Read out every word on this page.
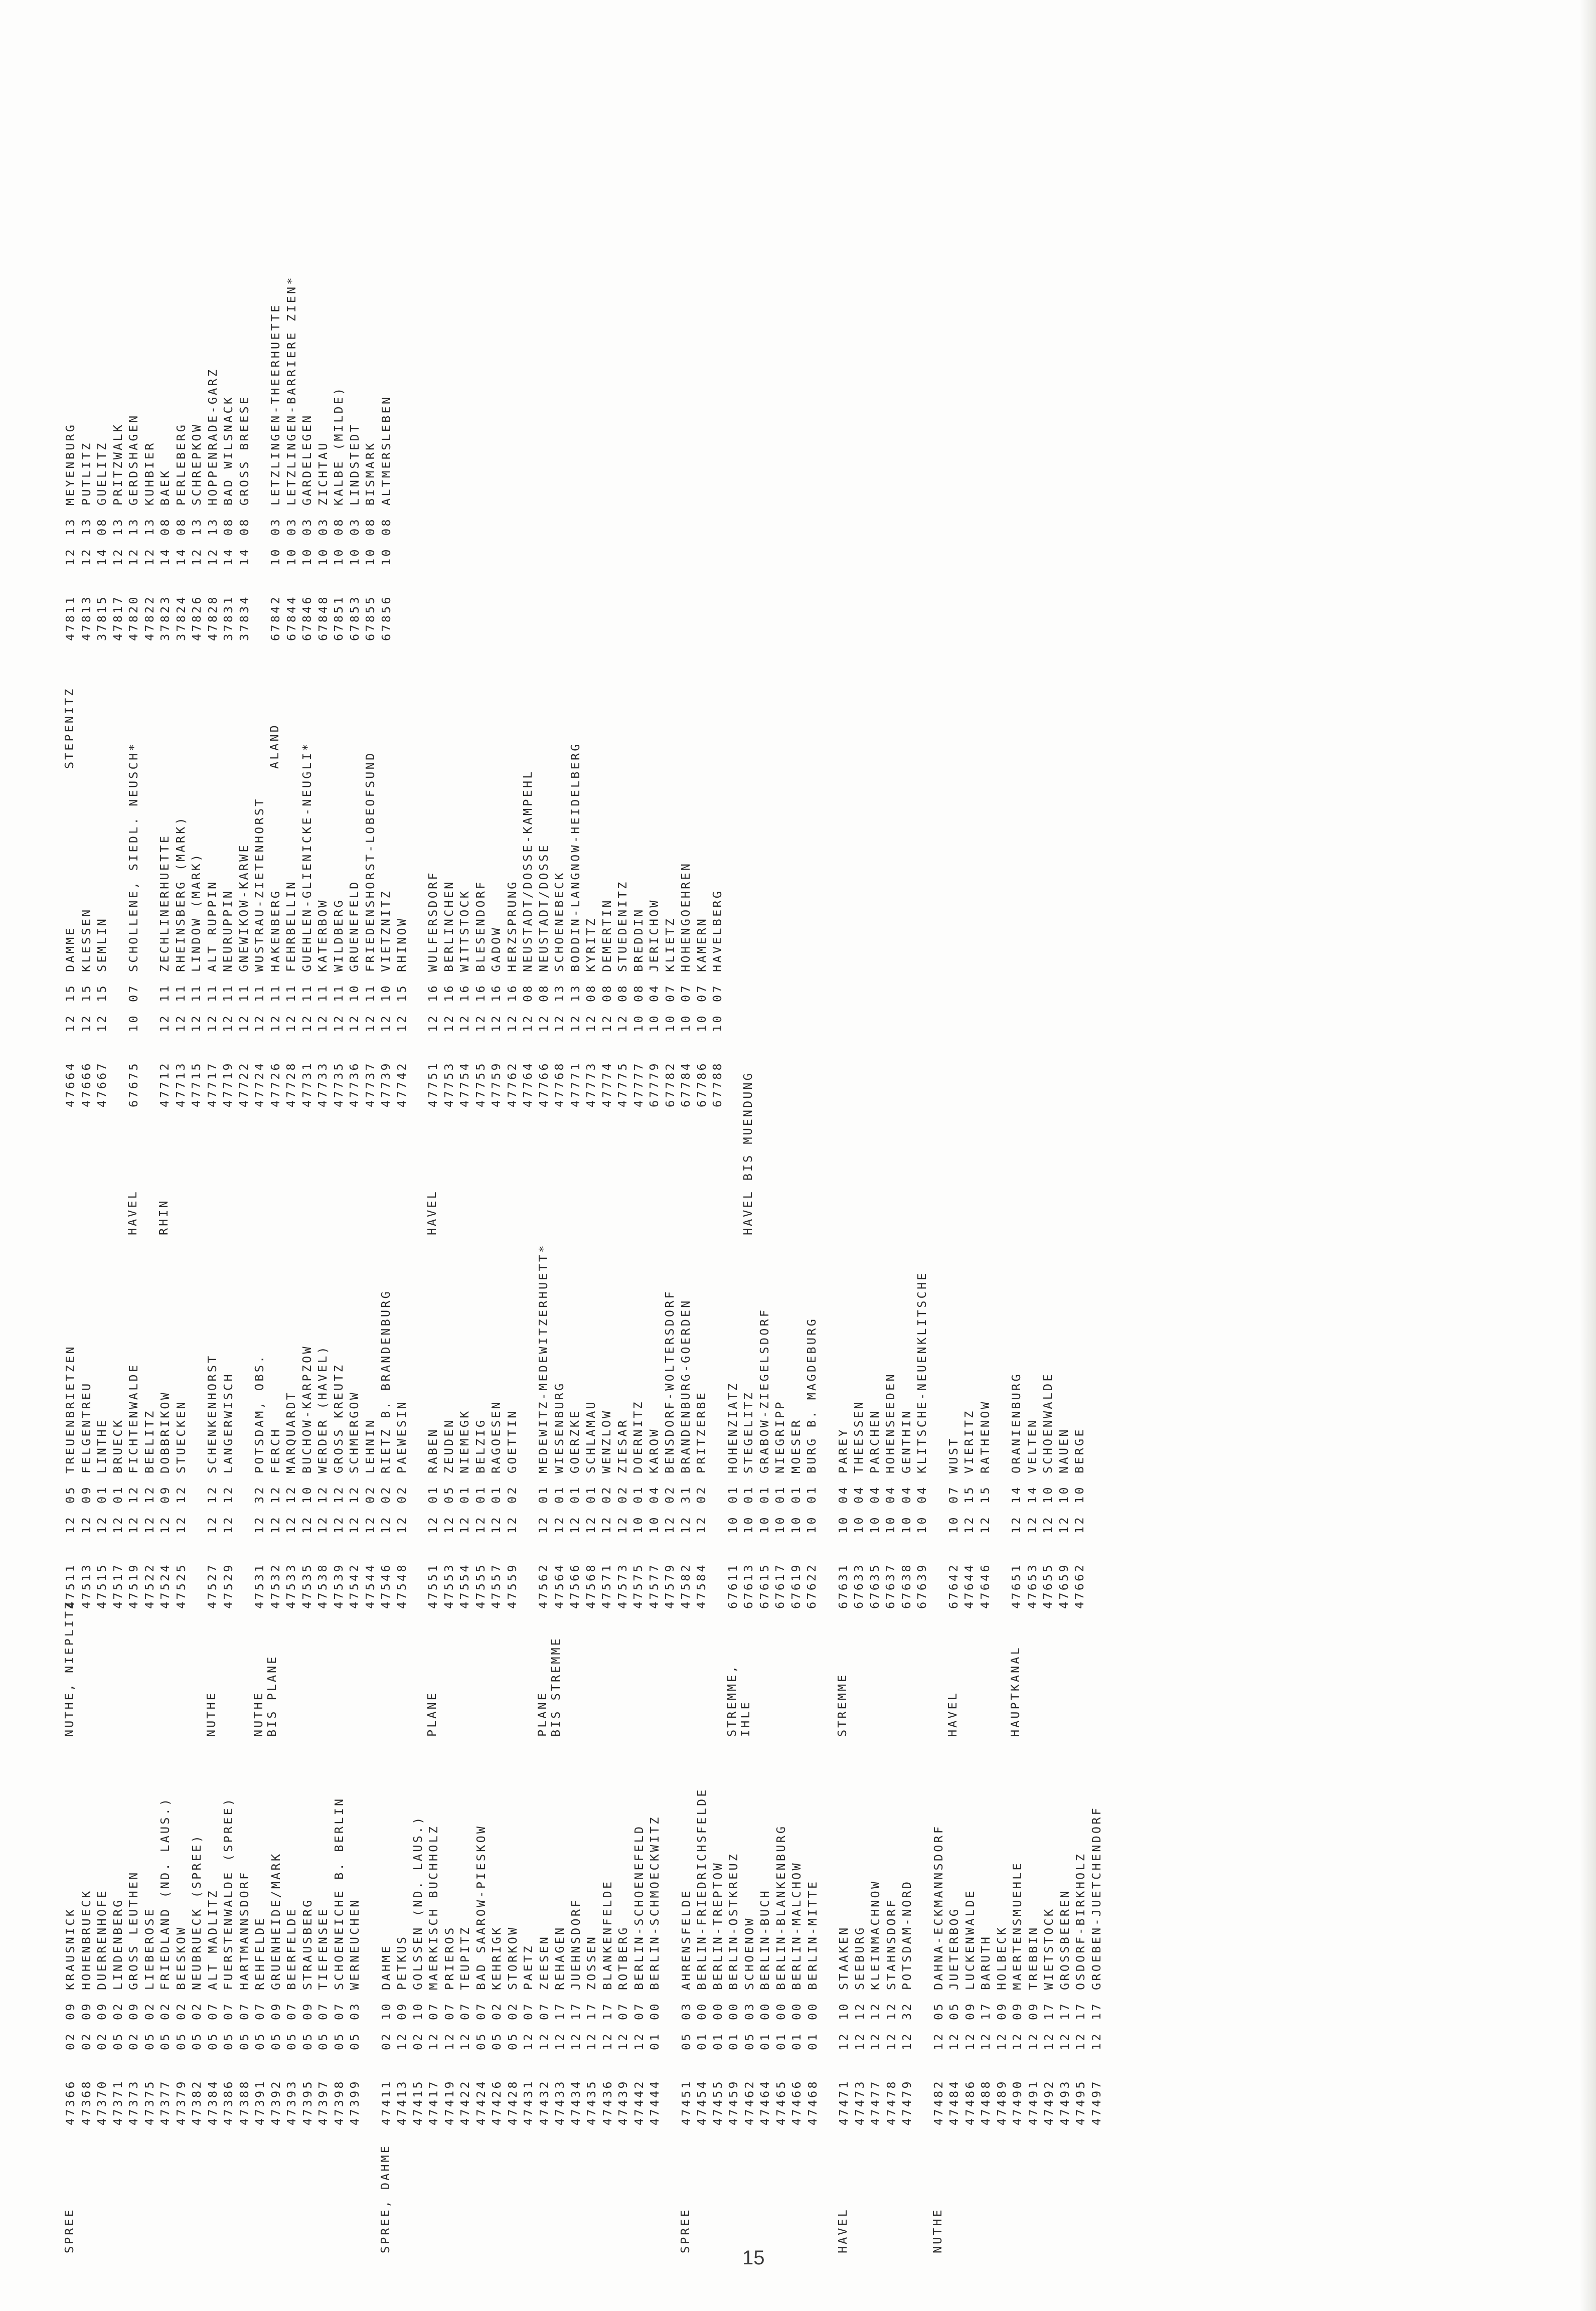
SPREE
473660209KRAUSNICK
473680209HOHENBRUECK
473700209DUERRENHOFE
473710502LINDENBERG
473730209GROSS LEUTHEN
473750502LIEBEROSE
473770502FRIEDLAND (ND. LAUS.)
473790502BEESKOW
473820502NEUBRUECK (SPREE)
473840507ALT MADLITZ
473860507FUERSTENWALDE (SPREE)
473880507HARTMANNSDORF
473910507REHFELDE
473920509GRUENHEIDE/MARK
473930507BEERFELDE
473950509STRAUSBERG
473970507TIEFENSEE
473980507SCHOENEICHE B. BERLIN
473990503WERNEUCHEN
SPREE, DAHME
474110210DAHME
474131209PETKUS
474150210GOLSSEN (ND. LAUS.)
474171207MAERKISCH BUCHHOLZ
474191207PRIEROS
474221207TEUPITZ
474240507BAD SAAROW-PIESKOW
474260502KEHRIGK
474280502STORKOW
474311207PAETZ
474321207ZEESEN
474331217REHAGEN
474341217JUEHNSDORF
474351217ZOSSEN
474361217BLANKENFELDE
474391207ROTBERG
474421207BERLIN-SCHOENEFELD
474440100BERLIN-SCHMOECKWITZ
SPREE
474510503AHRENSFELDE
474540100BERLIN-FRIEDRICHSFELDE
474550100BERLIN-TREPTOW
474590100BERLIN-OSTKREUZ
474620503SCHOENOW
474640100BERLIN-BUCH
474650100BERLIN-BLANKENBURG
474660100BERLIN-MALCHOW
474680100BERLIN-MITTE
HAVEL
474711210STAAKEN
474731212SEEBURG
474771212KLEINMACHNOW
474781212STAHNSDORF
474791232POTSDAM-NORD
NUTHE
474821205DAHNA-ECKMANNSDORF
474841205JUETERBOG
474861209LUCKENWALDE
474881217BARUTH
474891209HOLBECK
474901209MAERTENSMUEHLE
474911209TREBBIN
474921217WIETSTOCK
474931217GROSSBEEREN
474951217OSDORF-BIRKHOLZ
474971217GROEBEN-JUETCHENDORF
NUTHE, NIEPLITZ
475111205TREUENBRIETZEN
475131209FELGENTREU
475151201LINTHE
475171201BRUECK
475191212FICHTENWALDE
475221212BEELITZ
475241209DOBBRIKOW
475251212STUECKEN
NUTHE
475271212SCHENKENHORST
475291212LANGERWISCH
NUTHE
BIS PLANE
475311232POTSDAM, OBS.
475321212FERCH
475331212MARQUARDT
475351210BUCHOW-KARPZOW
475381212WERDER (HAVEL)
475391212GROSS KREUTZ
475421212SCHMERGOW
475441202LEHNIN
475461202RIETZ B. BRANDENBURG
475481202PAEWESIN
PLANE
475511201RABEN
475531205ZEUDEN
475541201NIEMEGK
475551201BELZIG
475571201RAGOESEN
475591202GOETTIN
PLANE
BIS STREMME
475621201MEDEWITZ-MEDEWITZERHUETT*
475641201WIESENBURG
475661201GOERZKE
475681201SCHLAMAU
475711202WENZLOW
475731202ZIESAR
475751001DOERNITZ
475771004KAROW
475791202BENSDORF-WOLTERSDORF
475821231BRANDENBURG-GOERDEN
475841202PRITZERBE
STREMME,
IHLE
676111001HOHENZIATZ
676131001STEGELITZ
676151001GRABOW-ZIEGELSDORF
676171001NIEGRIPP
676191001MOESER
676221001BURG B. MAGDEBURG
STREMME
676311004PAREY
676331004THEESSEN
676351004PARCHEN
676371004HOHENSEEDEN
676381004GENTHIN
676391004KLITSCHE-NEUENKLITSCHE
HAVEL
676421007WUST
476441215VIERITZ
476461215RATHENOW
HAUPTKANAL
476511214ORANIENBURG
476531214VELTEN
476551210SCHOENWALDE
476591210NAUEN
476621210BERGE
476641215DAMME
476661215KLESSEN
476671215SEMLIN
HAVEL
676751007SCHOLLENE, SIEDL. NEUSCH*
RHIN
477121211ZECHLINERHUETTE
477131211RHEINSBERG (MARK)
477151211LINDOW (MARK)
477171211ALT RUPPIN
477191211NEURUPPIN
477221211GNEWIKOW-KARWE
477241211WUSTRAU-ZIETENHORST
477261211HAKENBERG
477281211FEHRBELLIN
477311211GUEHLEN-GLIENICKE-NEUGLI*
477331211KATERBOW
477351211WILDBERG
477361210GRUENEFELD
477371211FRIEDENSHORST-LOBEOFSUND
477391210VIETZNITZ
477421215RHINOW
HAVEL
477511216WULFERSDORF
477531216BERLINCHEN
477541216WITTSTOCK
477551216BLESENDORF
477591216GADOW
477621216HERZSPRUNG
477641208NEUSTADT/DOSSE-KAMPEHL
477661208NEUSTADT/DOSSE
477681213SCHOENEBECK
477711213BODDIN-LANGNOW-HEIDELBERG
477731208KYRITZ
477741208DEMERTIN
477751208STUEDENITZ
477771008BREDDIN
677791004JERICHOW
677821007KLIETZ
677841007HOHENGOEHREN
677861007KAMERN
677881007HAVELBERG
HAVEL BIS MUENDUNG
STEPENITZ
478111213MEYENBURG
478131213PUTLITZ
378151408GUELITZ
478171213PRITZWALK
478201213GERDSHAGEN
478221213KUHBIER
378231408BAEK
378241408PERLEBERG
478261213SCHREPKOW
478281213HOPPENRADE-GARZ
378311408BAD WILSNACK
378341408GROSS BREESE
ALAND
678421003LETZLINGEN-THEERHUETTE
678441003LETZLINGEN-BARRIERE ZIEN*
678461003GARDELEGEN
678481003ZICHTAU
678511008KALBE (MILDE)
678531003LINDSTEDT
678551008BISMARK
678561008ALTMERSLEBEN
15
